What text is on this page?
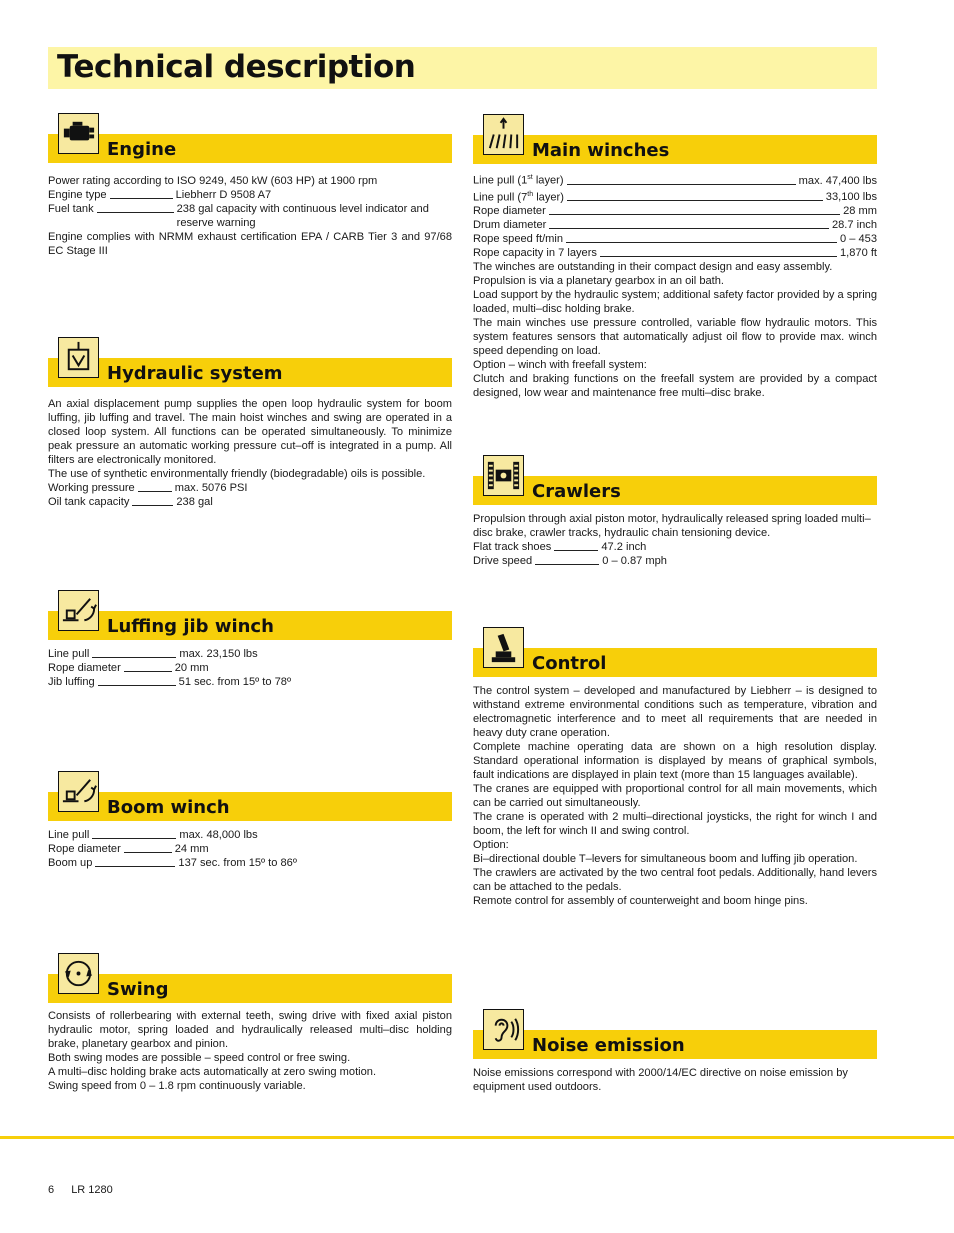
Technical description
Engine

Power rating according to ISO 9249, 450 kW (603 HP) at 1900 rpm

Engine type	Liebherr D 9508 A7
Fuel tank	238 gal capacity with continuous level indicator and reserve warning

Engine complies with NRMM exhaust certification EPA / CARB Tier 3 and 97/68 EC Stage III

Hydraulic system

An axial displacement pump supplies the open loop hydraulic system for boom luffing, jib luffing and travel. The main hoist winches and swing are operated in a closed loop system. All functions can be operated simultaneously. To minimize peak pressure an automatic working pressure cut–off is integrated in a pump. All filters are electronically monitored.

The use of synthetic environmentally friendly (biodegradable) oils is possible.

Working pressure	max. 5076 PSI
Oil tank capacity	238 gal
Luffing jib winch
Line pull	max. 23,150 lbs
Rope diameter	20 mm
Jib luffing	51 sec. from 15º to 78º
Boom winch
Line pull	max. 48,000 lbs
Rope diameter	24 mm
Boom up	137 sec. from 15º to 86º
Swing

Consists of rollerbearing with external teeth, swing drive with fixed axial piston hydraulic motor, spring loaded and hydraulically released multi–disc holding brake, planetary gearbox and pinion.

Both swing modes are possible – speed control or free swing.

A multi–disc holding brake acts automatically at zero swing motion.

Swing speed from 0 – 1.8 rpm continuously variable.

Main winches
Line pull (1st layer)	max. 47,400 lbs
Line pull (7th layer)	33,100 lbs
Rope diameter	28 mm
Drum diameter	28.7 inch
Rope speed ft/min	0 – 453
Rope capacity in 7 layers	1,870 ft

The winches are outstanding in their compact design and easy assembly.

Propulsion is via a planetary gearbox in an oil bath.

Load support by the hydraulic system; additional safety factor provided by a spring loaded, multi–disc holding brake.

The main winches use pressure controlled, variable flow hydraulic motors. This system features sensors that automatically adjust oil flow to provide max. winch speed depending on load.

Option – winch with freefall system:

Clutch and braking functions on the freefall system are provided by a compact designed, low wear and maintenance free multi–disc brake.

Crawlers

Propulsion through axial piston motor, hydraulically released spring loaded multi–disc brake, crawler tracks, hydraulic chain tensioning device.

Flat track shoes	47.2 inch
Drive speed	0 – 0.87 mph
Control

The control system – developed and manufactured by Liebherr – is designed to withstand extreme environmental conditions such as temperature, vibration and electromagnetic interference and to meet all requirements that are needed in heavy duty crane operation.

Complete machine operating data are shown on a high resolution display. Standard operational information is displayed by means of graphical symbols, fault indications are displayed in plain text (more than 15 languages available).

The cranes are equipped with proportional control for all main movements, which can be carried out simultaneously.

The crane is operated with 2 multi–directional joysticks, the right for winch I and boom, the left for winch II and swing control.

Option:

Bi–directional double T–levers for simultaneous boom and luffing jib operation.

The crawlers are activated by the two central foot pedals. Additionally, hand levers can be attached to the pedals.

Remote control for assembly of counterweight and boom hinge pins.

Noise emission

Noise emissions correspond with 2000/14/EC directive on noise emission by equipment used outdoors.

6 LR 1280
